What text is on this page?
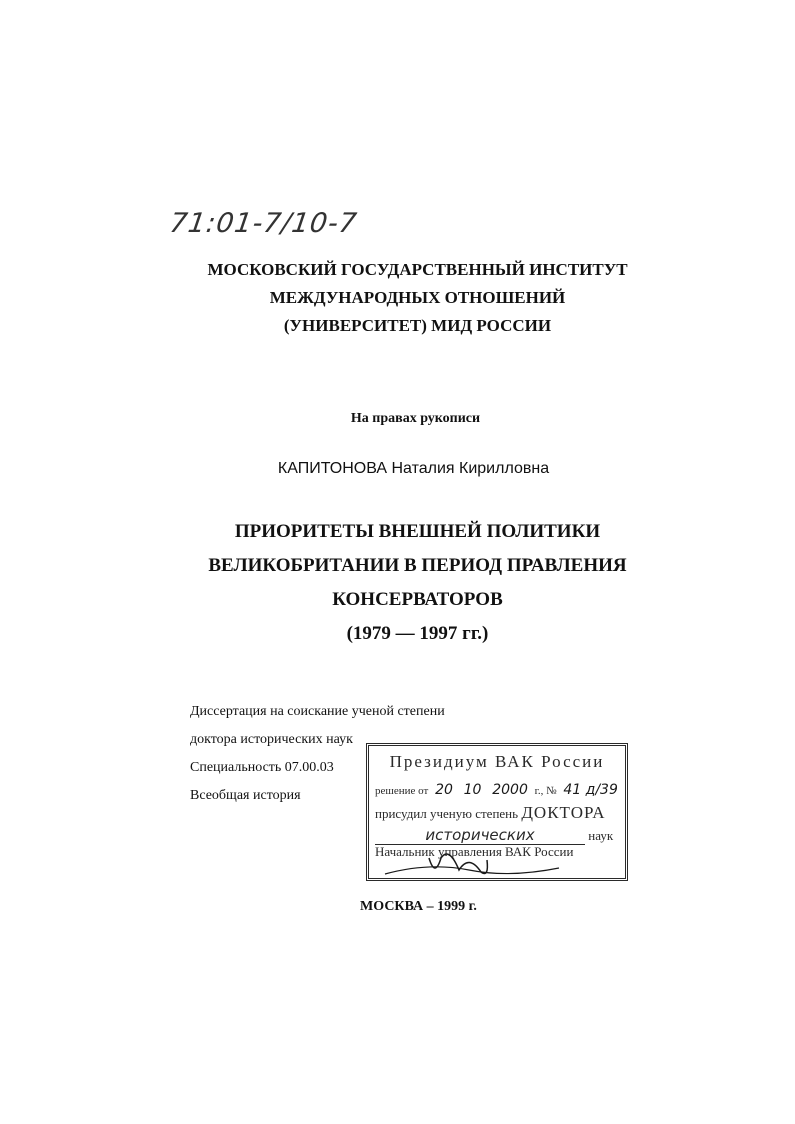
71:01-7/10-7
МОСКОВСКИЙ ГОСУДАРСТВЕННЫЙ ИНСТИТУТ
МЕЖДУНАРОДНЫХ ОТНОШЕНИЙ
(УНИВЕРСИТЕТ) МИД РОССИИ
На правах рукописи
КАПИТОНОВА Наталия Кирилловна
ПРИОРИТЕТЫ ВНЕШНЕЙ ПОЛИТИКИ
ВЕЛИКОБРИТАНИИ В ПЕРИОД ПРАВЛЕНИЯ
КОНСЕРВАТОРОВ
(1979 — 1997 гг.)
Диссертация на соискание ученой степени
доктора исторических наук
Специальность 07.00.03
Всеобщая история
Президиум ВАК России
решение от 20 10 2000 г., № 41 д/39
присудил ученую степень ДОКТОРА
исторических	наук
Начальник управления ВАК России
МОСКВА – 1999 г.
